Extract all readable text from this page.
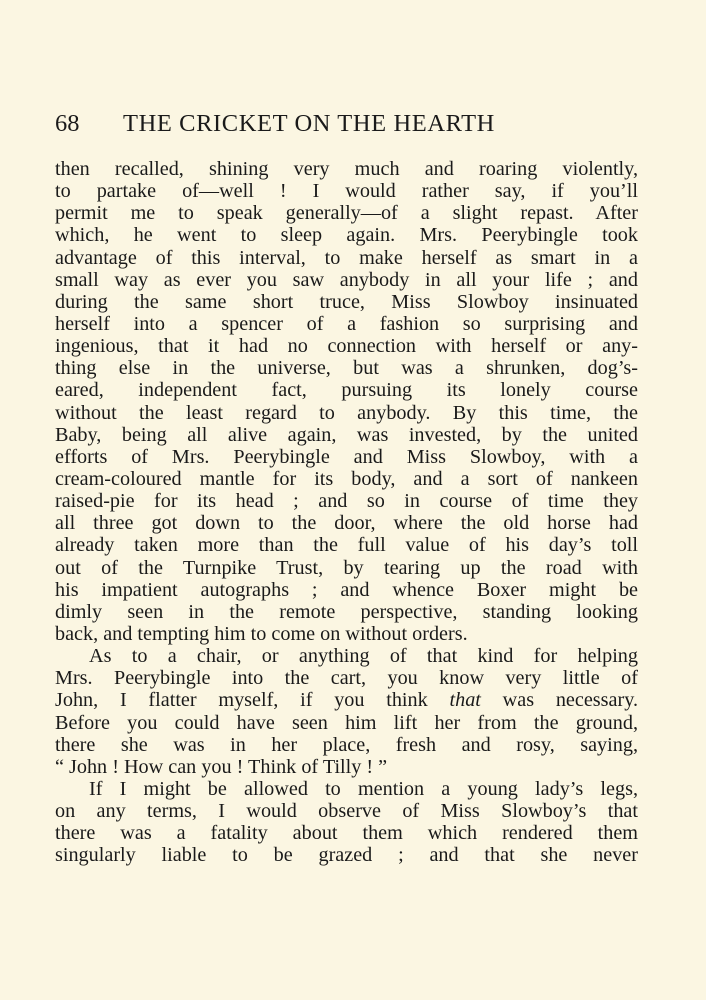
68 THE CRICKET ON THE HEARTH
then recalled, shining very much and roaring violently,
to partake of—well ! I would rather say, if you’ll
permit me to speak generally—of a slight repast. After
which, he went to sleep again. Mrs. Peerybingle took
advantage of this interval, to make herself as smart in a
small way as ever you saw anybody in all your life ; and
during the same short truce, Miss Slowboy insinuated
herself into a spencer of a fashion so surprising and
ingenious, that it had no connection with herself or any-
thing else in the universe, but was a shrunken, dog’s-
eared, independent fact, pursuing its lonely course
without the least regard to anybody. By this time, the
Baby, being all alive again, was invested, by the united
efforts of Mrs. Peerybingle and Miss Slowboy, with a
cream-coloured mantle for its body, and a sort of nankeen
raised-pie for its head ; and so in course of time they
all three got down to the door, where the old horse had
already taken more than the full value of his day’s toll
out of the Turnpike Trust, by tearing up the road with
his impatient autographs ; and whence Boxer might be
dimly seen in the remote perspective, standing looking
back, and tempting him to come on without orders.
As to a chair, or anything of that kind for helping
Mrs. Peerybingle into the cart, you know very little of
John, I flatter myself, if you think that was necessary.
Before you could have seen him lift her from the ground,
there she was in her place, fresh and rosy, saying,
“ John ! How can you ! Think of Tilly ! ”
If I might be allowed to mention a young lady’s legs,
on any terms, I would observe of Miss Slowboy’s that
there was a fatality about them which rendered them
singularly liable to be grazed ; and that she never
